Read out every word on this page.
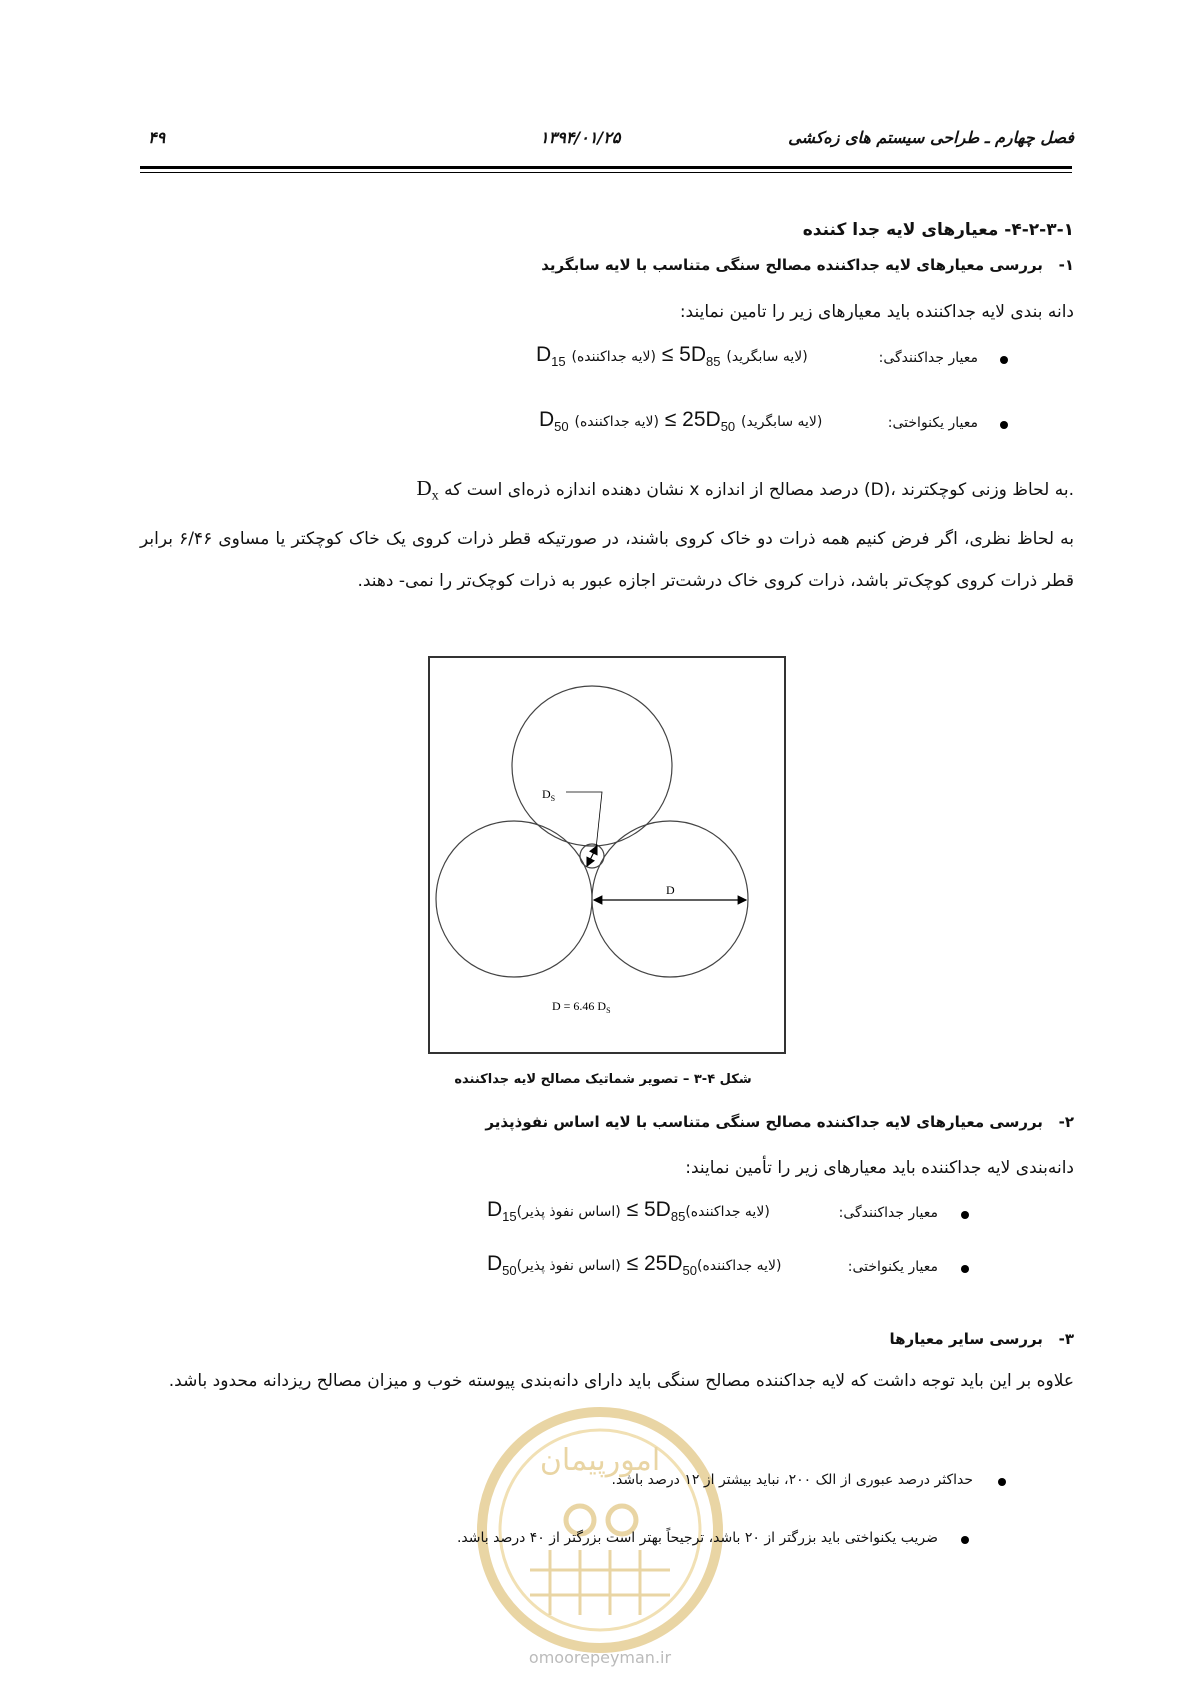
۴۹	۱۳۹۴/۰۱/۲۵	فصل چهارم ـ طراحی سیستم های زه‌کشی
۴-۲-۳-۱- معیارهای لایه جدا کننده
۱-   بررسی معیارهای لایه جداکننده مصالح سنگی متناسب با لایه سابگرید
دانه بندی لایه جداکننده باید معیارهای زیر را تامین نمایند:
معیار جداکنندگی:
$D_{15}$ (لایه جداکننده) ≤ $5D_{85}$ (لایه سابگرید)
معیار یکنواختی:
$D_{50}$ (لایه جداکننده) ≤ $25D_{50}$ (لایه سابگرید)
$D_x$ نشان دهنده اندازه ذره‌ای است که x درصد مصالح از اندازه (D)، به لحاظ وزنی کوچکترند.
به لحاظ نظری، اگر فرض کنیم همه ذرات دو خاک کروی باشند، در صورتیکه قطر ذرات کروی یک خاک کوچکتر یا مساوی ۶/۴۶ برابر قطر ذرات کروی کوچک‌تر باشد، ذرات کروی خاک درشت‌تر اجازه عبور به ذرات کوچک‌تر را نمی- دهند.
$D_S$
D
D = 6.46 $D_S$
شکل ۴-۳ – تصویر شماتیک مصالح لایه جداکننده
۲-   بررسی معیارهای لایه جداکننده مصالح سنگی متناسب با لایه اساس نفوذپذیر
دانه‌بندی لایه جداکننده باید معیارهای زیر را تأمین نمایند:
معیار جداکنندگی:
$D_{15}(اساس$ نفوذ پذیر) ≤ $5D_{85}(لایه$ جداکننده)
معیار یکنواختی:
$D_{50}(اساس$ نفوذ پذیر) ≤ $25D_{50}(لایه$ جداکننده)
۳-   بررسی سایر معیارها
علاوه بر این باید توجه داشت که لایه جداکننده مصالح سنگی باید دارای دانه‌بندی پیوسته خوب و میزان مصالح ریزدانه محدود باشد.
امورپیمان
omoorepeyman.ir
حداکثر درصد عبوری از الک ۲۰۰، نباید بیشتر از ۱۲ درصد باشد.
ضریب یکنواختی باید بزرگتر از ۲۰ باشد، ترجیحاً بهتر است بزرگتر از ۴۰ درصد باشد.
